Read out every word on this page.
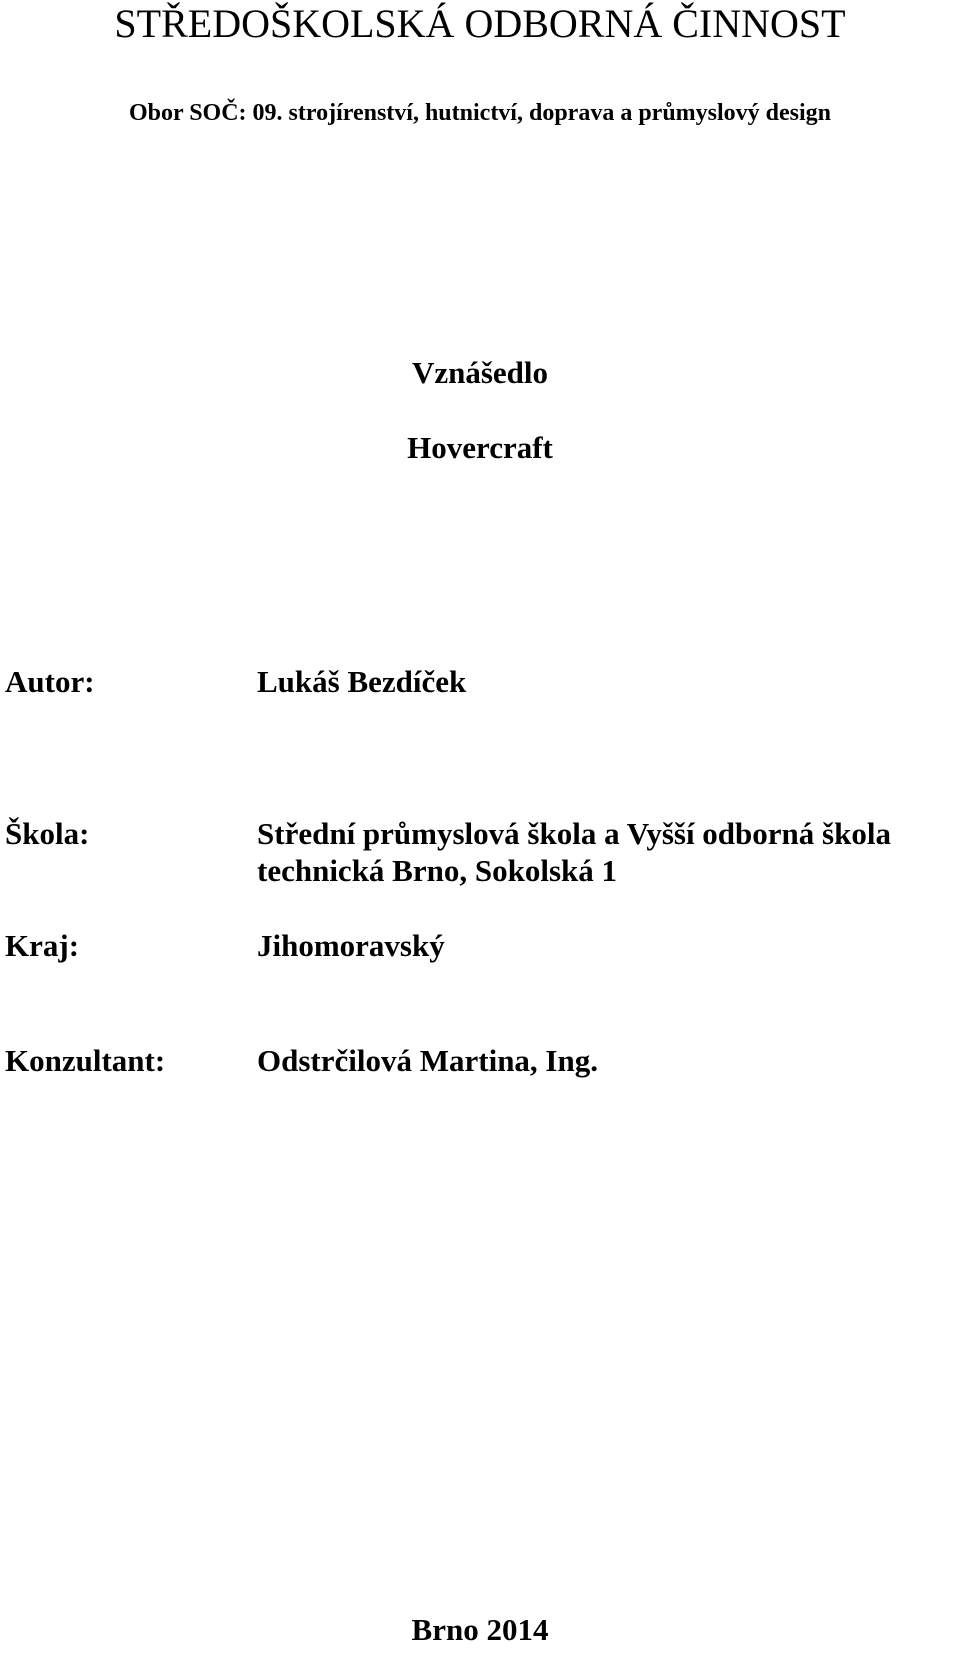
STŘEDOŠKOLSKÁ ODBORNÁ ČINNOST
Obor SOČ: 09. strojírenství, hutnictví, doprava a průmyslový design
Vznášedlo
Hovercraft
Autor:	Lukáš Bezdíček
Škola:	Střední průmyslová škola a Vyšší odborná škola
technická Brno, Sokolská 1
Kraj:	Jihomoravský
Konzultant:	Odstrčilová Martina, Ing.
Brno 2014
